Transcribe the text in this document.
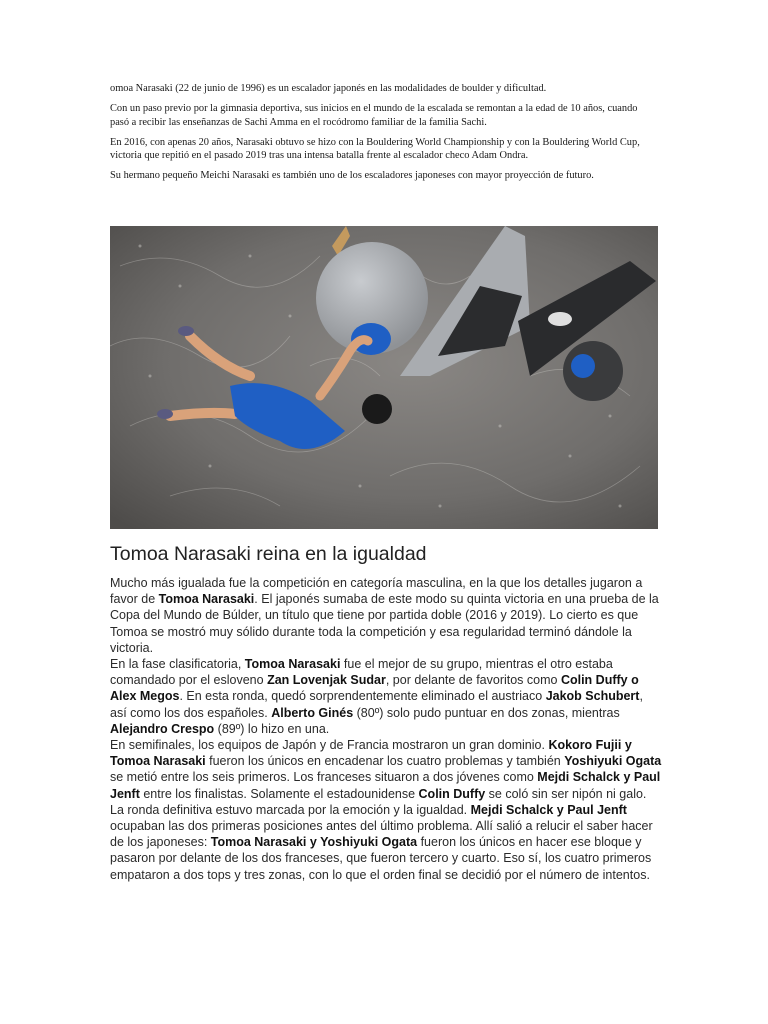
omoa Narasaki (22 de junio de 1996) es un escalador japonés en las modalidades de boulder y dificultad.

Con un paso previo por la gimnasia deportiva, sus inicios en el mundo de la escalada se remontan a la edad de 10 años, cuando pasó a recibir las enseñanzas de Sachi Amma en el rocódromo familiar de la familia Sachi.

En 2016, con apenas 20 años, Narasaki obtuvo se hizo con la Bouldering World Championship y con la Bouldering World Cup, victoria que repitió en el pasado 2019 tras una intensa batalla frente al escalador checo Adam Ondra.

Su hermano pequeño Meichi Narasaki es también uno de los escaladores japoneses con mayor proyección de futuro.

Tomoa Narasaki reina en la igualdad

Mucho más igualada fue la competición en categoría masculina, en la que los detalles jugaron a favor de Tomoa Narasaki. El japonés sumaba de este modo su quinta victoria en una prueba de la Copa del Mundo de Búlder, un título que tiene por partida doble (2016 y 2019). Lo cierto es que Tomoa se mostró muy sólido durante toda la competición y esa regularidad terminó dándole la victoria.

En la fase clasificatoria, Tomoa Narasaki fue el mejor de su grupo, mientras el otro estaba comandado por el esloveno Zan Lovenjak Sudar, por delante de favoritos como Colin Duffy o Alex Megos. En esta ronda, quedó sorprendentemente eliminado el austriaco Jakob Schubert, así como los dos españoles. Alberto Ginés (80º) solo pudo puntuar en dos zonas, mientras Alejandro Crespo (89º) lo hizo en una.

En semifinales, los equipos de Japón y de Francia mostraron un gran dominio. Kokoro Fujii y Tomoa Narasaki fueron los únicos en encadenar los cuatro problemas y también Yoshiyuki Ogata se metió entre los seis primeros. Los franceses situaron a dos jóvenes como Mejdi Schalck y Paul Jenft entre los finalistas. Solamente el estadounidense Colin Duffy se coló sin ser nipón ni galo.

La ronda definitiva estuvo marcada por la emoción y la igualdad. Mejdi Schalck y Paul Jenft ocupaban las dos primeras posiciones antes del último problema. Allí salió a relucir el saber hacer de los japoneses: Tomoa Narasaki y Yoshiyuki Ogata fueron los únicos en hacer ese bloque y pasaron por delante de los dos franceses, que fueron tercero y cuarto. Eso sí, los cuatro primeros empataron a dos tops y tres zonas, con lo que el orden final se decidió por el número de intentos.
